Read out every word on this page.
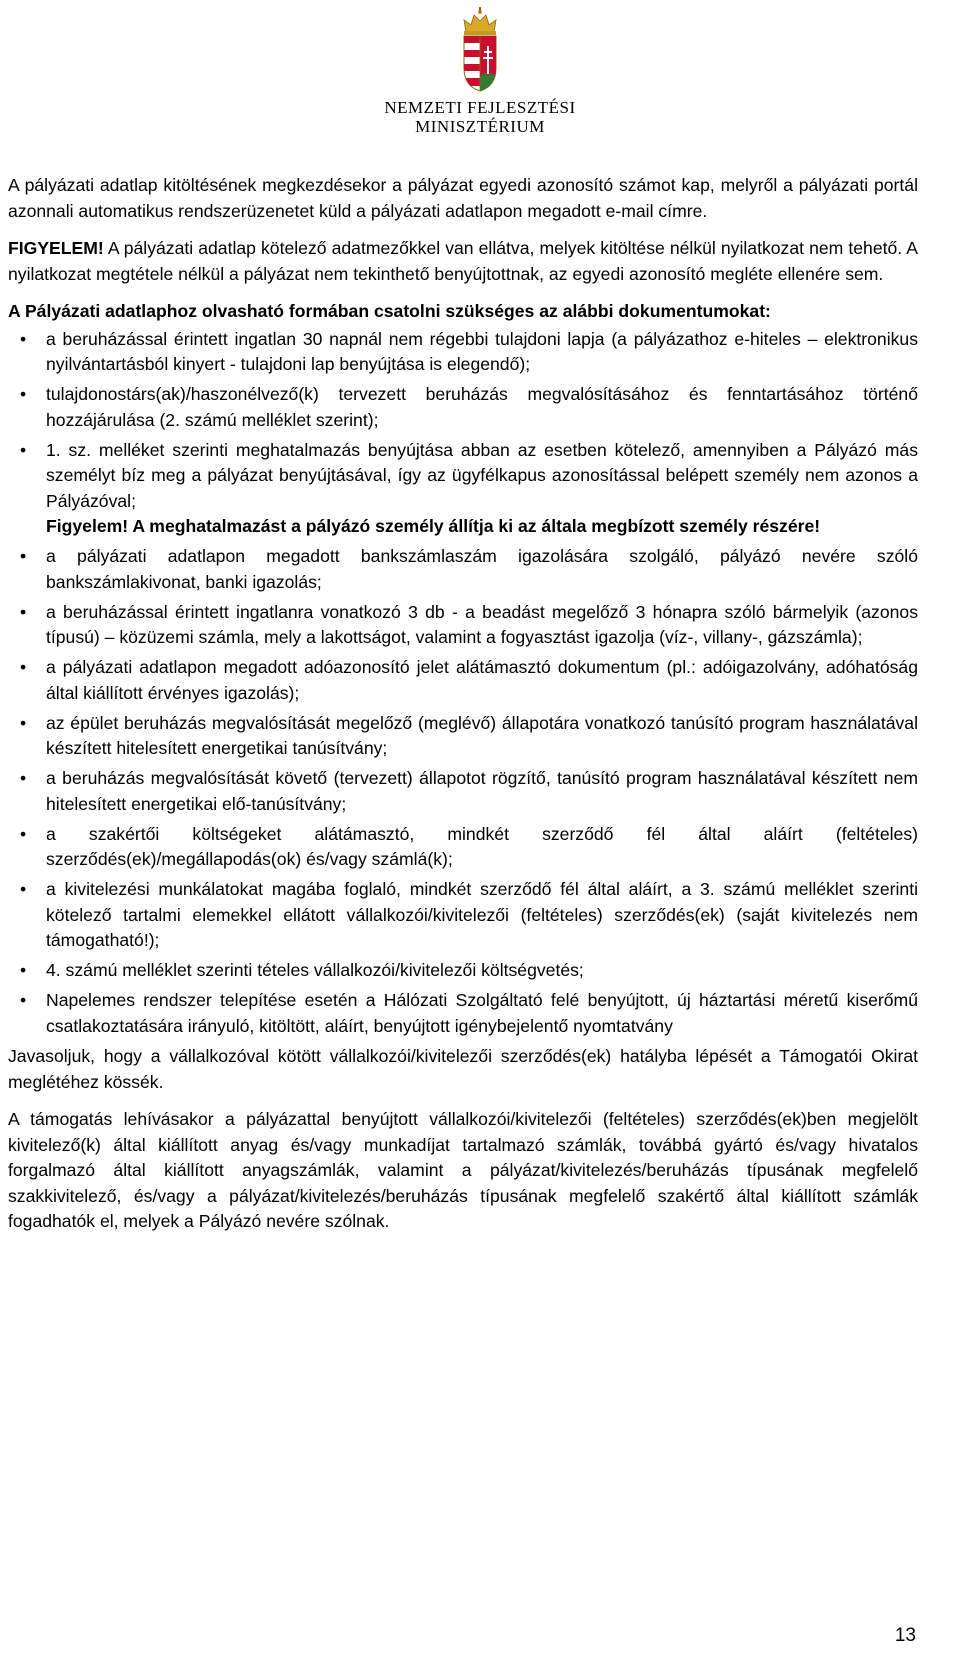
NEMZETI FEJLESZTÉSI
MINISZTÉRIUM

A pályázati adatlap kitöltésének megkezdésekor a pályázat egyedi azonosító számot kap, melyről a pályázati portál azonnali automatikus rendszerüzenetet küld a pályázati adatlapon megadott e-mail címre.

FIGYELEM! A pályázati adatlap kötelező adatmezőkkel van ellátva, melyek kitöltése nélkül nyilatkozat nem tehető. A nyilatkozat megtétele nélkül a pályázat nem tekinthető benyújtottnak, az egyedi azonosító megléte ellenére sem.

A Pályázati adatlaphoz olvasható formában csatolni szükséges az alábbi dokumentumokat:

• a beruházással érintett ingatlan 30 napnál nem régebbi tulajdoni lapja (a pályázathoz e-hiteles – elektronikus nyilvántartásból kinyert - tulajdoni lap benyújtása is elegendő);
• tulajdonostárs(ak)/haszonélvező(k) tervezett beruházás megvalósításához és fenntartásához történő hozzájárulása (2. számú melléklet szerint);
• 1. sz. melléket szerinti meghatalmazás benyújtása abban az esetben kötelező, amennyiben a Pályázó más személyt bíz meg a pályázat benyújtásával, így az ügyfélkapus azonosítással belépett személy nem azonos a Pályázóval;
Figyelem! A meghatalmazást a pályázó személy állítja ki az általa megbízott személy részére!
• a pályázati adatlapon megadott bankszámlaszám igazolására szolgáló, pályázó nevére szóló bankszámlakivonat, banki igazolás;
• a beruházással érintett ingatlanra vonatkozó 3 db - a beadást megelőző 3 hónapra szóló bármelyik (azonos típusú) – közüzemi számla, mely a lakottságot, valamint a fogyasztást igazolja (víz-, villany-, gázszámla);
• a pályázati adatlapon megadott adóazonosító jelet alátámasztó dokumentum (pl.: adóigazolvány, adóhatóság által kiállított érvényes igazolás);
• az épület beruházás megvalósítását megelőző (meglévő) állapotára vonatkozó tanúsító program használatával készített hitelesített energetikai tanúsítvány;
• a beruházás megvalósítását követő (tervezett) állapotot rögzítő, tanúsító program használatával készített nem hitelesített energetikai elő-tanúsítvány;
• a szakértői költségeket alátámasztó, mindkét szerződő fél által aláírt (feltételes) szerződés(ek)/megállapodás(ok) és/vagy számlá(k);
• a kivitelezési munkálatokat magába foglaló, mindkét szerződő fél által aláírt, a 3. számú melléklet szerinti kötelező tartalmi elemekkel ellátott vállalkozói/kivitelezői (feltételes) szerződés(ek) (saját kivitelezés nem támogatható!);
• 4. számú melléklet szerinti tételes vállalkozói/kivitelezői költségvetés;
• Napelemes rendszer telepítése esetén a Hálózati Szolgáltató felé benyújtott, új háztartási méretű kiserőmű csatlakoztatására irányuló, kitöltött, aláírt, benyújtott igénybejelentő nyomtatvány

Javasoljuk, hogy a vállalkozóval kötött vállalkozói/kivitelezői szerződés(ek) hatályba lépését a Támogatói Okirat meglétéhez kössék.

A támogatás lehívásakor a pályázattal benyújtott vállalkozói/kivitelezői (feltételes) szerződés(ek)ben megjelölt kivitelező(k) által kiállított anyag és/vagy munkadíjat tartalmazó számlák, továbbá gyártó és/vagy hivatalos forgalmazó által kiállított anyagszámlák, valamint a pályázat/kivitelezés/beruházás típusának megfelelő szakkivitelező, és/vagy a pályázat/kivitelezés/beruházás típusának megfelelő szakértő által kiállított számlák fogadhatók el, melyek a Pályázó nevére szólnak.

13
